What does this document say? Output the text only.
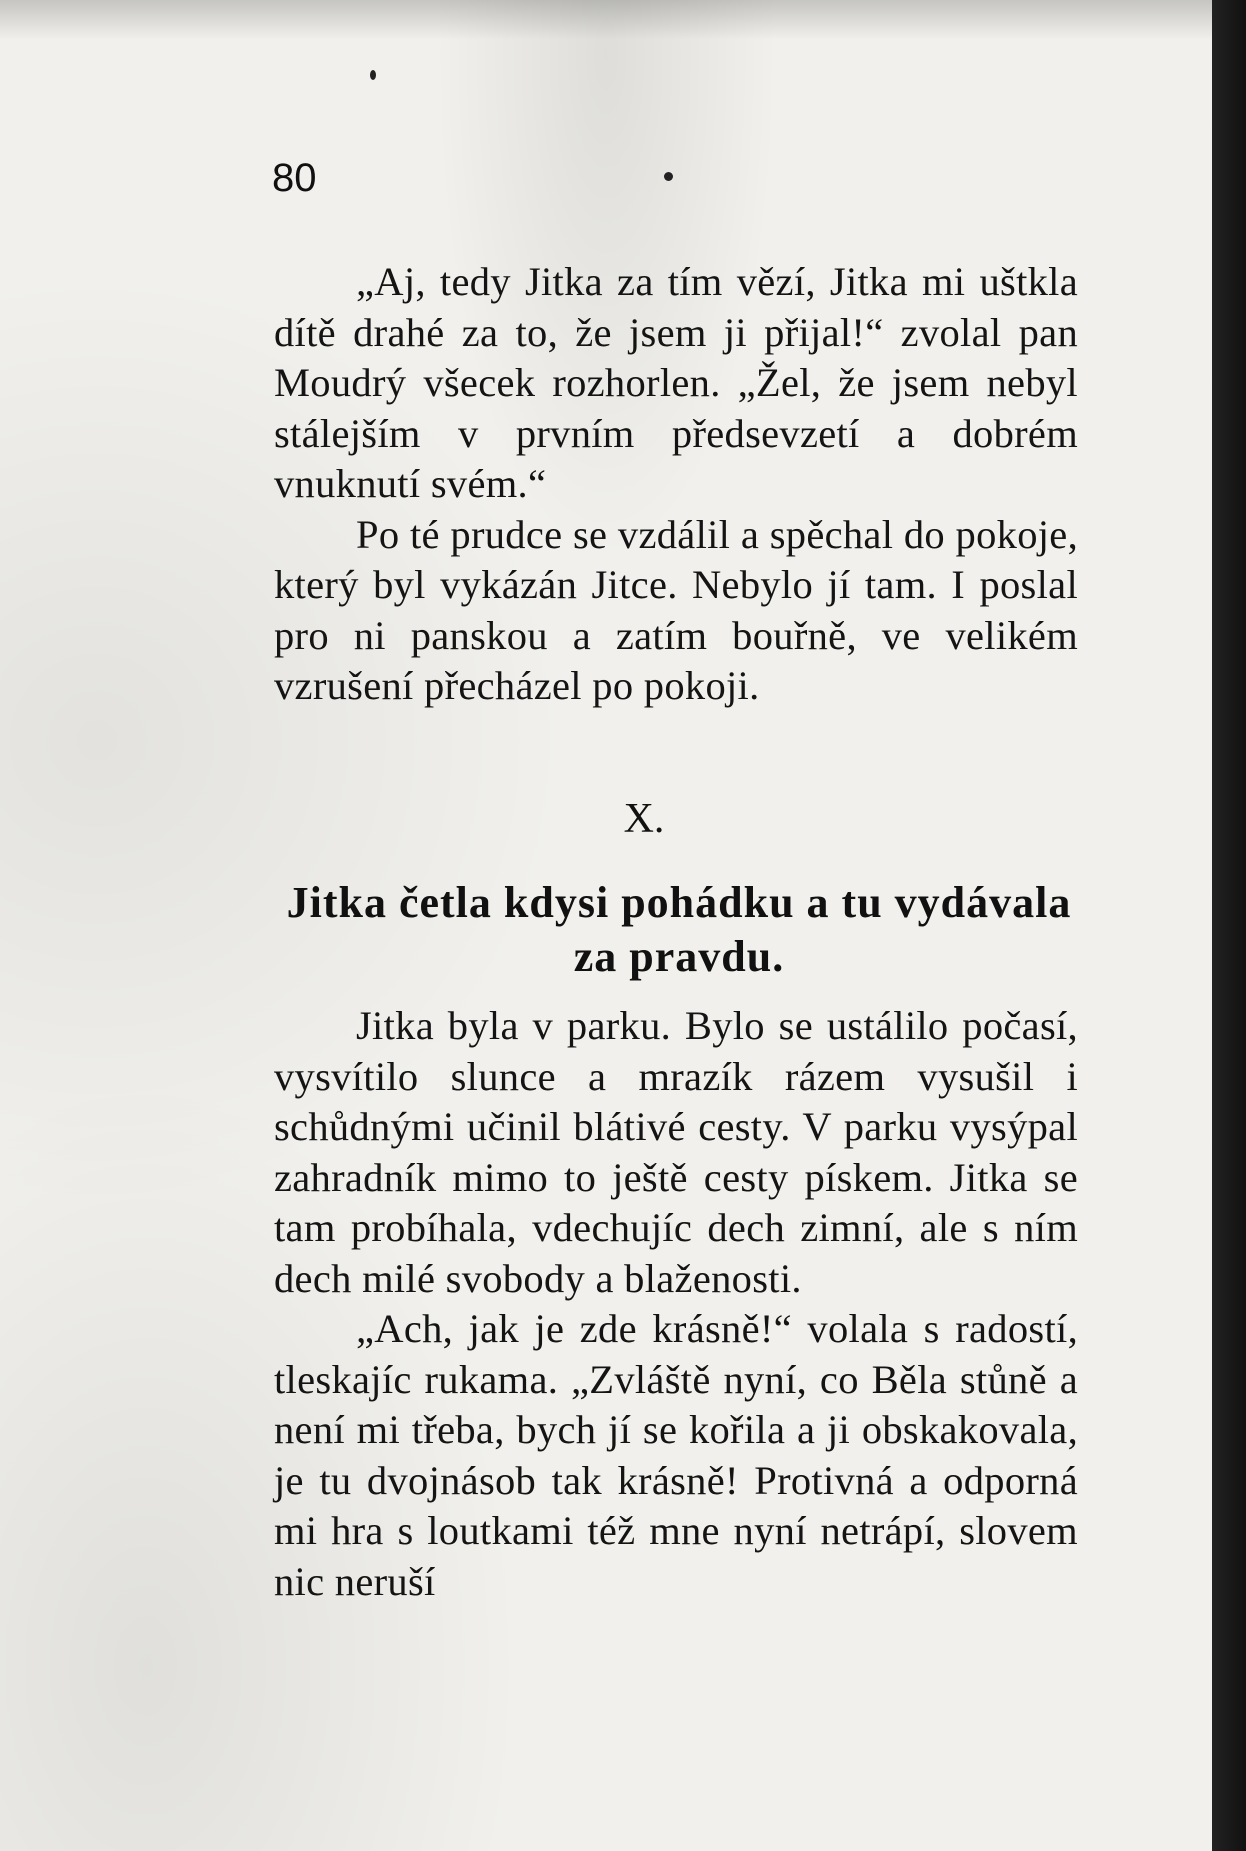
80

„Aj, tedy Jitka za tím vězí, Jitka mi uštkla dítě drahé za to, že jsem ji přijal!“ zvolal pan Moudrý všecek rozhorlen. „Žel, že jsem nebyl stálejším v prvním předsevzetí a dobrém vnuknutí svém.“

Po té prudce se vzdálil a spěchal do pokoje, který byl vykázán Jitce. Nebylo jí tam. I poslal pro ni panskou a zatím bouřně, ve velikém vzrušení přecházel po pokoji.

X.
Jitka četla kdysi pohádku a tu vydávala za pravdu.

Jitka byla v parku. Bylo se ustálilo počasí, vysvítilo slunce a mrazík rázem vysušil i schůdnými učinil blátivé cesty. V parku vysýpal zahradník mimo to ještě cesty pískem. Jitka se tam probíhala, vdechujíc dech zimní, ale s ním dech milé svobody a blaženosti.

„Ach, jak je zde krásně!“ volala s radostí, tleskajíc rukama. „Zvláště nyní, co Běla stůně a není mi třeba, bych jí se kořila a ji obskakovala, je tu dvojnásob tak krásně! Protivná a odporná mi hra s loutkami též mne nyní netrápí, slovem nic neruší
